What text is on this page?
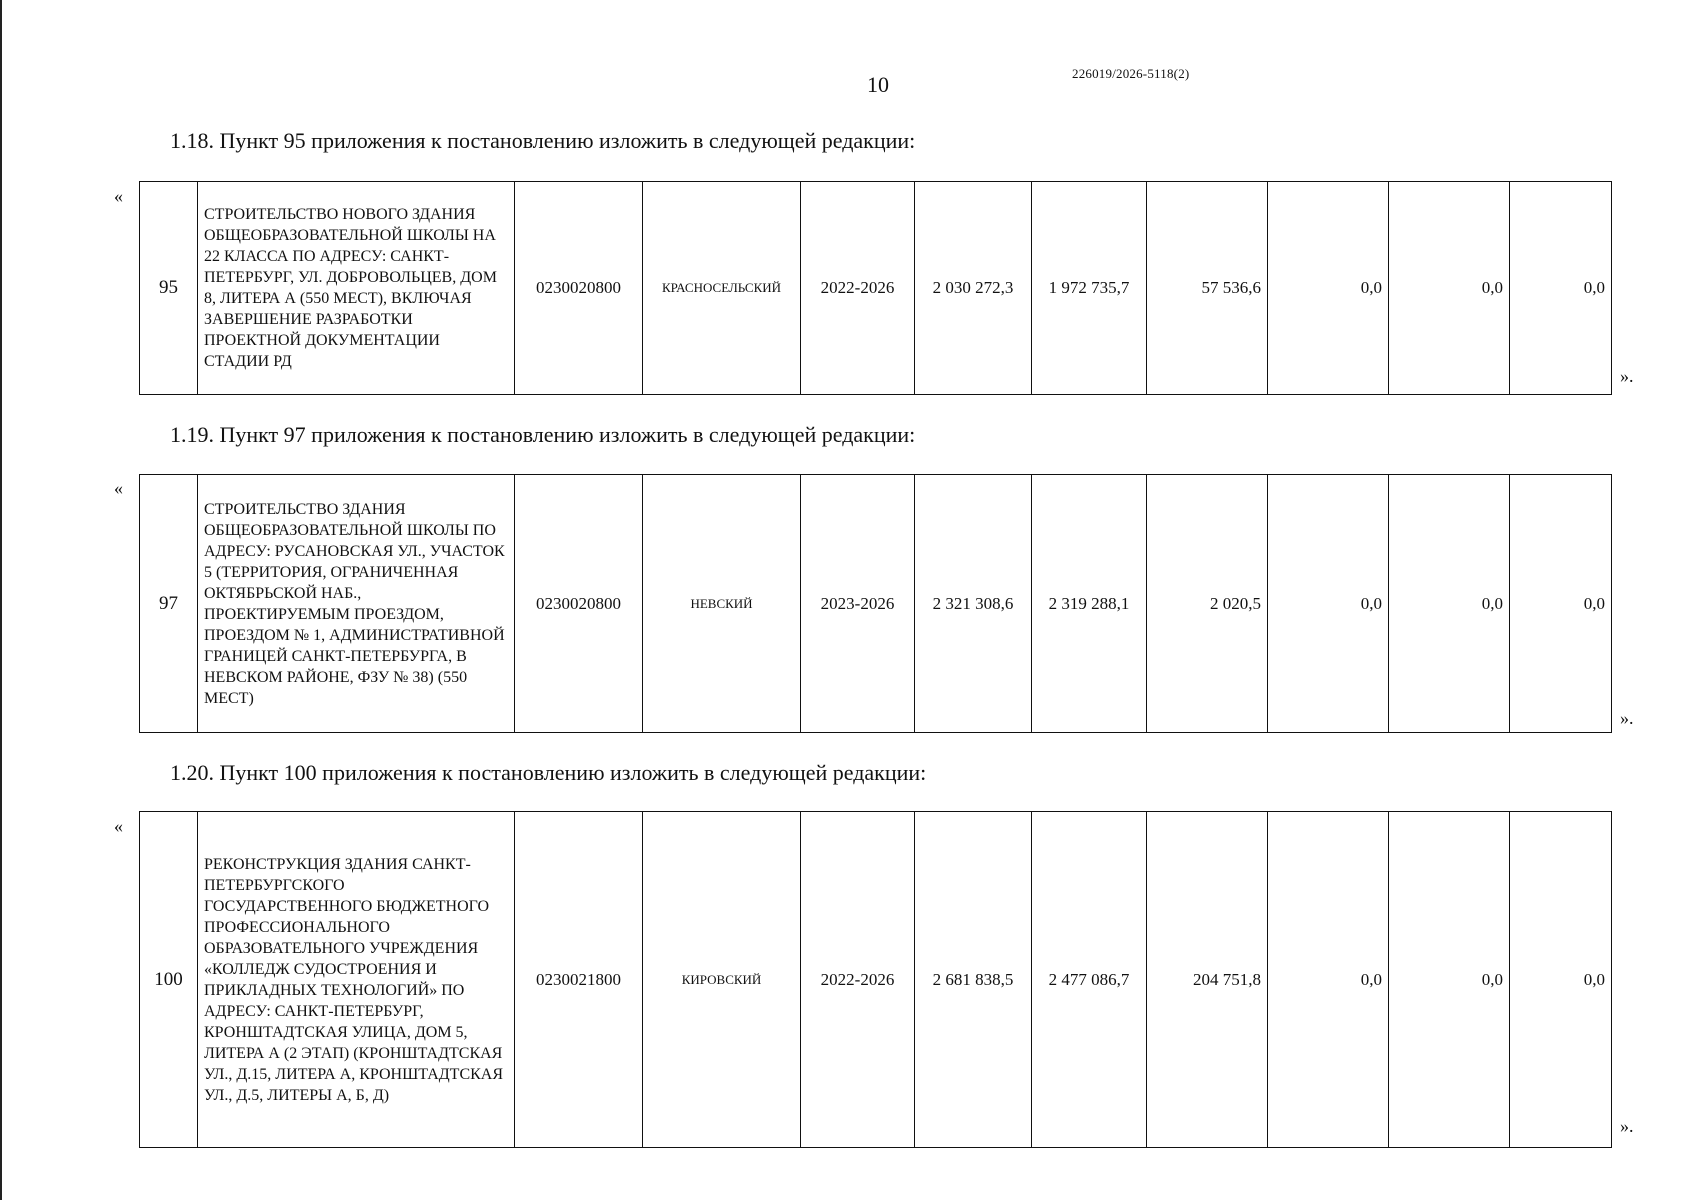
10	226019/2026-5118(2)
1.18. Пункт 95 приложения к постановлению изложить в следующей редакции:
«
95	СТРОИТЕЛЬСТВО НОВОГО ЗДАНИЯ ОБЩЕОБРАЗОВАТЕЛЬНОЙ ШКОЛЫ НА 22 КЛАССА ПО АДРЕСУ: САНКТ-ПЕТЕРБУРГ, УЛ. ДОБРОВОЛЬЦЕВ, ДОМ 8, ЛИТЕРА А (550 МЕСТ), ВКЛЮЧАЯ ЗАВЕРШЕНИЕ РАЗРАБОТКИ ПРОЕКТНОЙ ДОКУМЕНТАЦИИ СТАДИИ РД	0230020800	КРАСНОСЕЛЬСКИЙ	2022-2026	2 030 272,3	1 972 735,7	57 536,6	0,0	0,0	0,0
».
1.19. Пункт 97 приложения к постановлению изложить в следующей редакции:
«
97	СТРОИТЕЛЬСТВО ЗДАНИЯ ОБЩЕОБРАЗОВАТЕЛЬНОЙ ШКОЛЫ ПО АДРЕСУ: РУСАНОВСКАЯ УЛ., УЧАСТОК 5 (ТЕРРИТОРИЯ, ОГРАНИЧЕННАЯ ОКТЯБРЬСКОЙ НАБ., ПРОЕКТИРУЕМЫМ ПРОЕЗДОМ, ПРОЕЗДОМ № 1, АДМИНИСТРАТИВНОЙ ГРАНИЦЕЙ САНКТ-ПЕТЕРБУРГА, В НЕВСКОМ РАЙОНЕ, ФЗУ № 38) (550 МЕСТ)	0230020800	НЕВСКИЙ	2023-2026	2 321 308,6	2 319 288,1	2 020,5	0,0	0,0	0,0
».
1.20. Пункт 100 приложения к постановлению изложить в следующей редакции:
«
100	РЕКОНСТРУКЦИЯ ЗДАНИЯ САНКТ-ПЕТЕРБУРГСКОГО ГОСУДАРСТВЕННОГО БЮДЖЕТНОГО ПРОФЕССИОНАЛЬНОГО ОБРАЗОВАТЕЛЬНОГО УЧРЕЖДЕНИЯ «КОЛЛЕДЖ СУДОСТРОЕНИЯ И ПРИКЛАДНЫХ ТЕХНОЛОГИЙ» ПО АДРЕСУ: САНКТ-ПЕТЕРБУРГ, КРОНШТАДТСКАЯ УЛИЦА, ДОМ 5, ЛИТЕРА А (2 ЭТАП) (КРОНШТАДТСКАЯ УЛ., Д.15, ЛИТЕРА А, КРОНШТАДТСКАЯ УЛ., Д.5, ЛИТЕРЫ А, Б, Д)	0230021800	КИРОВСКИЙ	2022-2026	2 681 838,5	2 477 086,7	204 751,8	0,0	0,0	0,0
».
